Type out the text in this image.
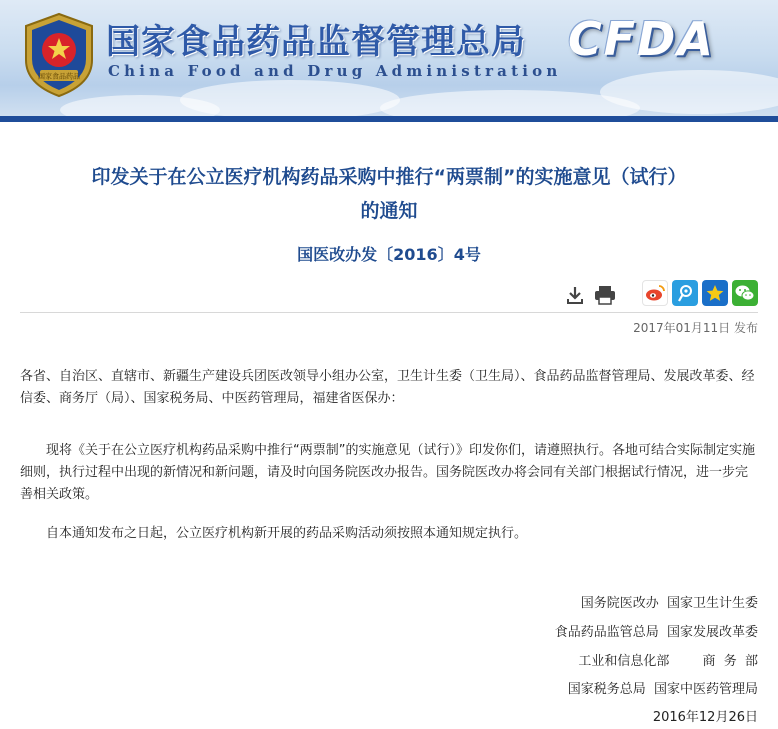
国家食品药品
国家食品药品监督管理总局
China Food and Drug Administration
CFDA
印发关于在公立医疗机构药品采购中推行“两票制”的实施意见（试行）
的通知
国医改办发〔2016〕4号
2017年01月11日 发布
各省、自治区、直辖市、新疆生产建设兵团医改领导小组办公室，卫生计生委（卫生局）、食品药品监督管理局、发展改革委、经信委、商务厅（局）、国家税务局、中医药管理局，福建省医保办：
现将《关于在公立医疗机构药品采购中推行“两票制”的实施意见（试行）》印发你们，请遵照执行。各地可结合实际制定实施细则，执行过程中出现的新情况和新问题，请及时向国务院医改办报告。国务院医改办将会同有关部门根据试行情况，进一步完善相关政策。
自本通知发布之日起，公立医疗机构新开展的药品采购活动须按照本通知规定执行。
国务院医改办  国家卫生计生委
食品药品监管总局  国家发展改革委
工业和信息化部        商  务  部
国家税务总局  国家中医药管理局
2016年12月26日
